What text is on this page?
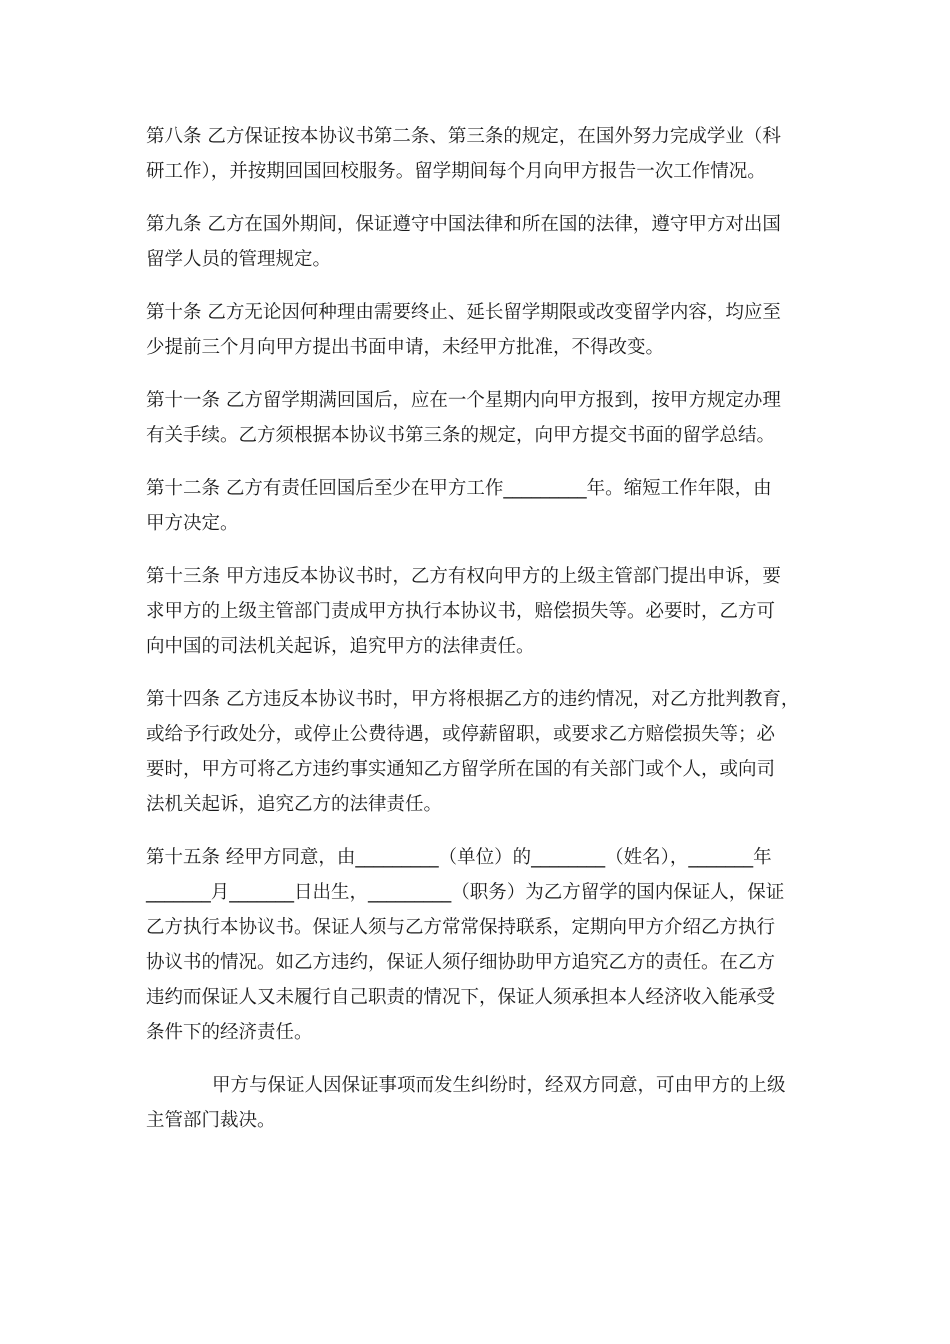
第八条 乙方保证按本协议书第二条、第三条的规定，在国外努力完成学业（科
研工作），并按期回国回校服务。留学期间每个月向甲方报告一次工作情况。
第九条 乙方在国外期间，保证遵守中国法律和所在国的法律，遵守甲方对出国
留学人员的管理规定。
第十条 乙方无论因何种理由需要终止、延长留学期限或改变留学内容，均应至
少提前三个月向甲方提出书面申请，未经甲方批准，不得改变。
第十一条 乙方留学期满回国后，应在一个星期内向甲方报到，按甲方规定办理
有关手续。乙方须根据本协议书第三条的规定，向甲方提交书面的留学总结。
第十二条 乙方有责任回国后至少在甲方工作_________年。缩短工作年限，由
甲方决定。
第十三条 甲方违反本协议书时，乙方有权向甲方的上级主管部门提出申诉，要
求甲方的上级主管部门责成甲方执行本协议书，赔偿损失等。必要时，乙方可
向中国的司法机关起诉，追究甲方的法律责任。
第十四条 乙方违反本协议书时，甲方将根据乙方的违约情况，对乙方批判教育，
或给予行政处分，或停止公费待遇，或停薪留职，或要求乙方赔偿损失等；必
要时，甲方可将乙方违约事实通知乙方留学所在国的有关部门或个人，或向司
法机关起诉，追究乙方的法律责任。
第十五条 经甲方同意，由_________（单位）的________（姓名），_______年
_______月_______日出生，_________（职务）为乙方留学的国内保证人，保证
乙方执行本协议书。保证人须与乙方常常保持联系，定期向甲方介绍乙方执行
协议书的情况。如乙方违约，保证人须仔细协助甲方追究乙方的责任。在乙方
违约而保证人又未履行自己职责的情况下，保证人须承担本人经济收入能承受
条件下的经济责任。
甲方与保证人因保证事项而发生纠纷时，经双方同意，可由甲方的上级
主管部门裁决。
